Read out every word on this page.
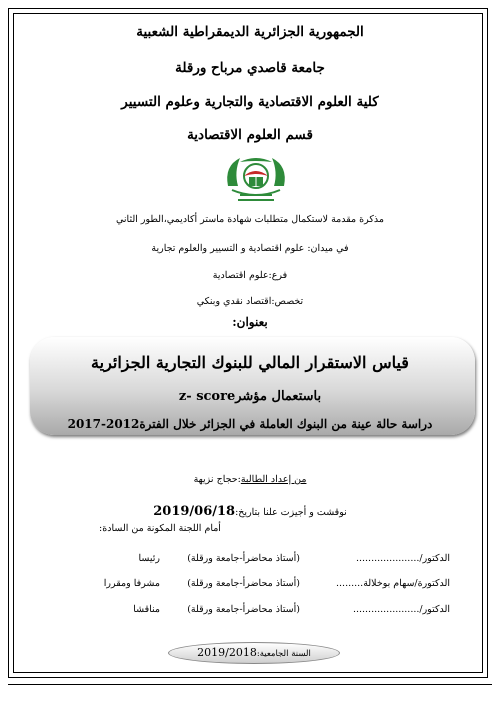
الجمهورية الجزائرية الديمقراطية الشعبية
جامعة قاصدي مرباح ورقلة
كلية العلوم الاقتصادية والتجارية وعلوم التسيير
قسم العلوم الاقتصادية
مذكرة مقدمة لاستكمال متطلبات شهادة ماستر أكاديمي،الطور الثاني
في ميدان: علوم اقتصادية و التسيير والعلوم تجارية
فرع:علوم اقتصادية
تخصص:اقتصاد نقدي وبنكي
بعنوان:
قياس الاستقرار المالي للبنوك التجارية الجزائرية
باستعمال مؤشرz- score
دراسة حالة عينة من البنوك العاملة في الجزائر خلال الفترة2012-2017
من إعداد الطالبة:حجاج نزيهة
نوقشت و أجيزت علنا بتاريخ:2019/06/18
أمام اللجنة المكونة من السادة:
الدكتور/.....................(أستاذ محاضرأ-جامعة ورقلة)رئيسا
الدكتورة/سهام بوخلالة.........(أستاذ محاضرأ-جامعة ورقلة)مشرفا ومقررا
الدكتور/......................(أستاذ محاضرأ-جامعة ورقلة)مناقشا
السنة الجامعية:2019/2018
